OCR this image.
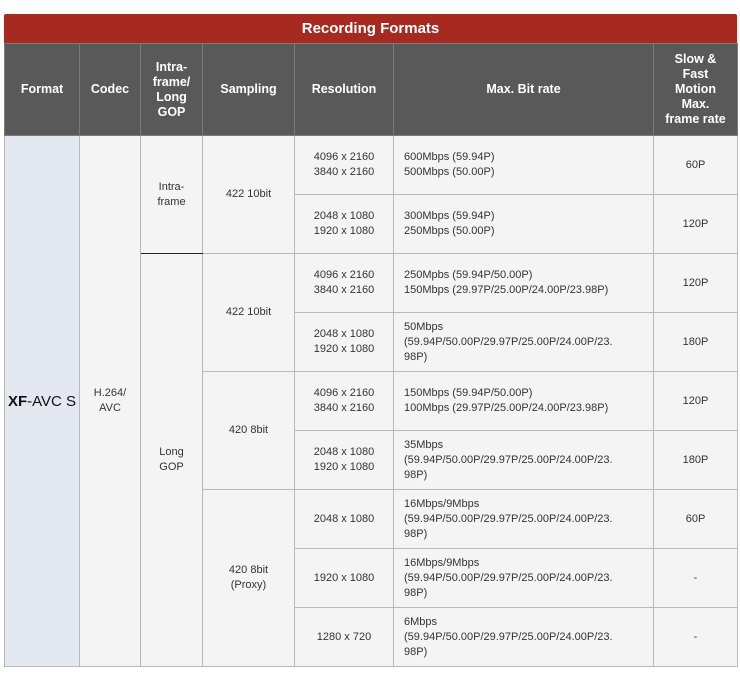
Recording Formats
Format	Codec	Intra-
frame/
Long
GOP	Sampling	Resolution	Max. Bit rate	Slow &
Fast
Motion
Max.
frame rate
XF-AVC S	H.264/
AVC	Intra-
frame	422 10bit	4096 x 2160
3840 x 2160	600Mbps (59.94P)
500Mbps (50.00P)	60P
				2048 x 1080
1920 x 1080	300Mbps (59.94P)
250Mbps (50.00P)	120P
		Long
GOP	422 10bit	4096 x 2160
3840 x 2160	250Mpbs (59.94P/50.00P)
150Mbps (29.97P/25.00P/24.00P/23.98P)	120P
				2048 x 1080
1920 x 1080	50Mbps
(59.94P/50.00P/29.97P/25.00P/24.00P/23.
98P)	180P
			420 8bit	4096 x 2160
3840 x 2160	150Mbps (59.94P/50.00P)
100Mbps (29.97P/25.00P/24.00P/23.98P)	120P
				2048 x 1080
1920 x 1080	35Mbps
(59.94P/50.00P/29.97P/25.00P/24.00P/23.
98P)	180P
			420 8bit
(Proxy)	2048 x 1080	16Mbps/9Mbps
(59.94P/50.00P/29.97P/25.00P/24.00P/23.
98P)	60P
				1920 x 1080	16Mbps/9Mbps
(59.94P/50.00P/29.97P/25.00P/24.00P/23.
98P)	-
				1280 x 720	6Mbps
(59.94P/50.00P/29.97P/25.00P/24.00P/23.
98P)	-
